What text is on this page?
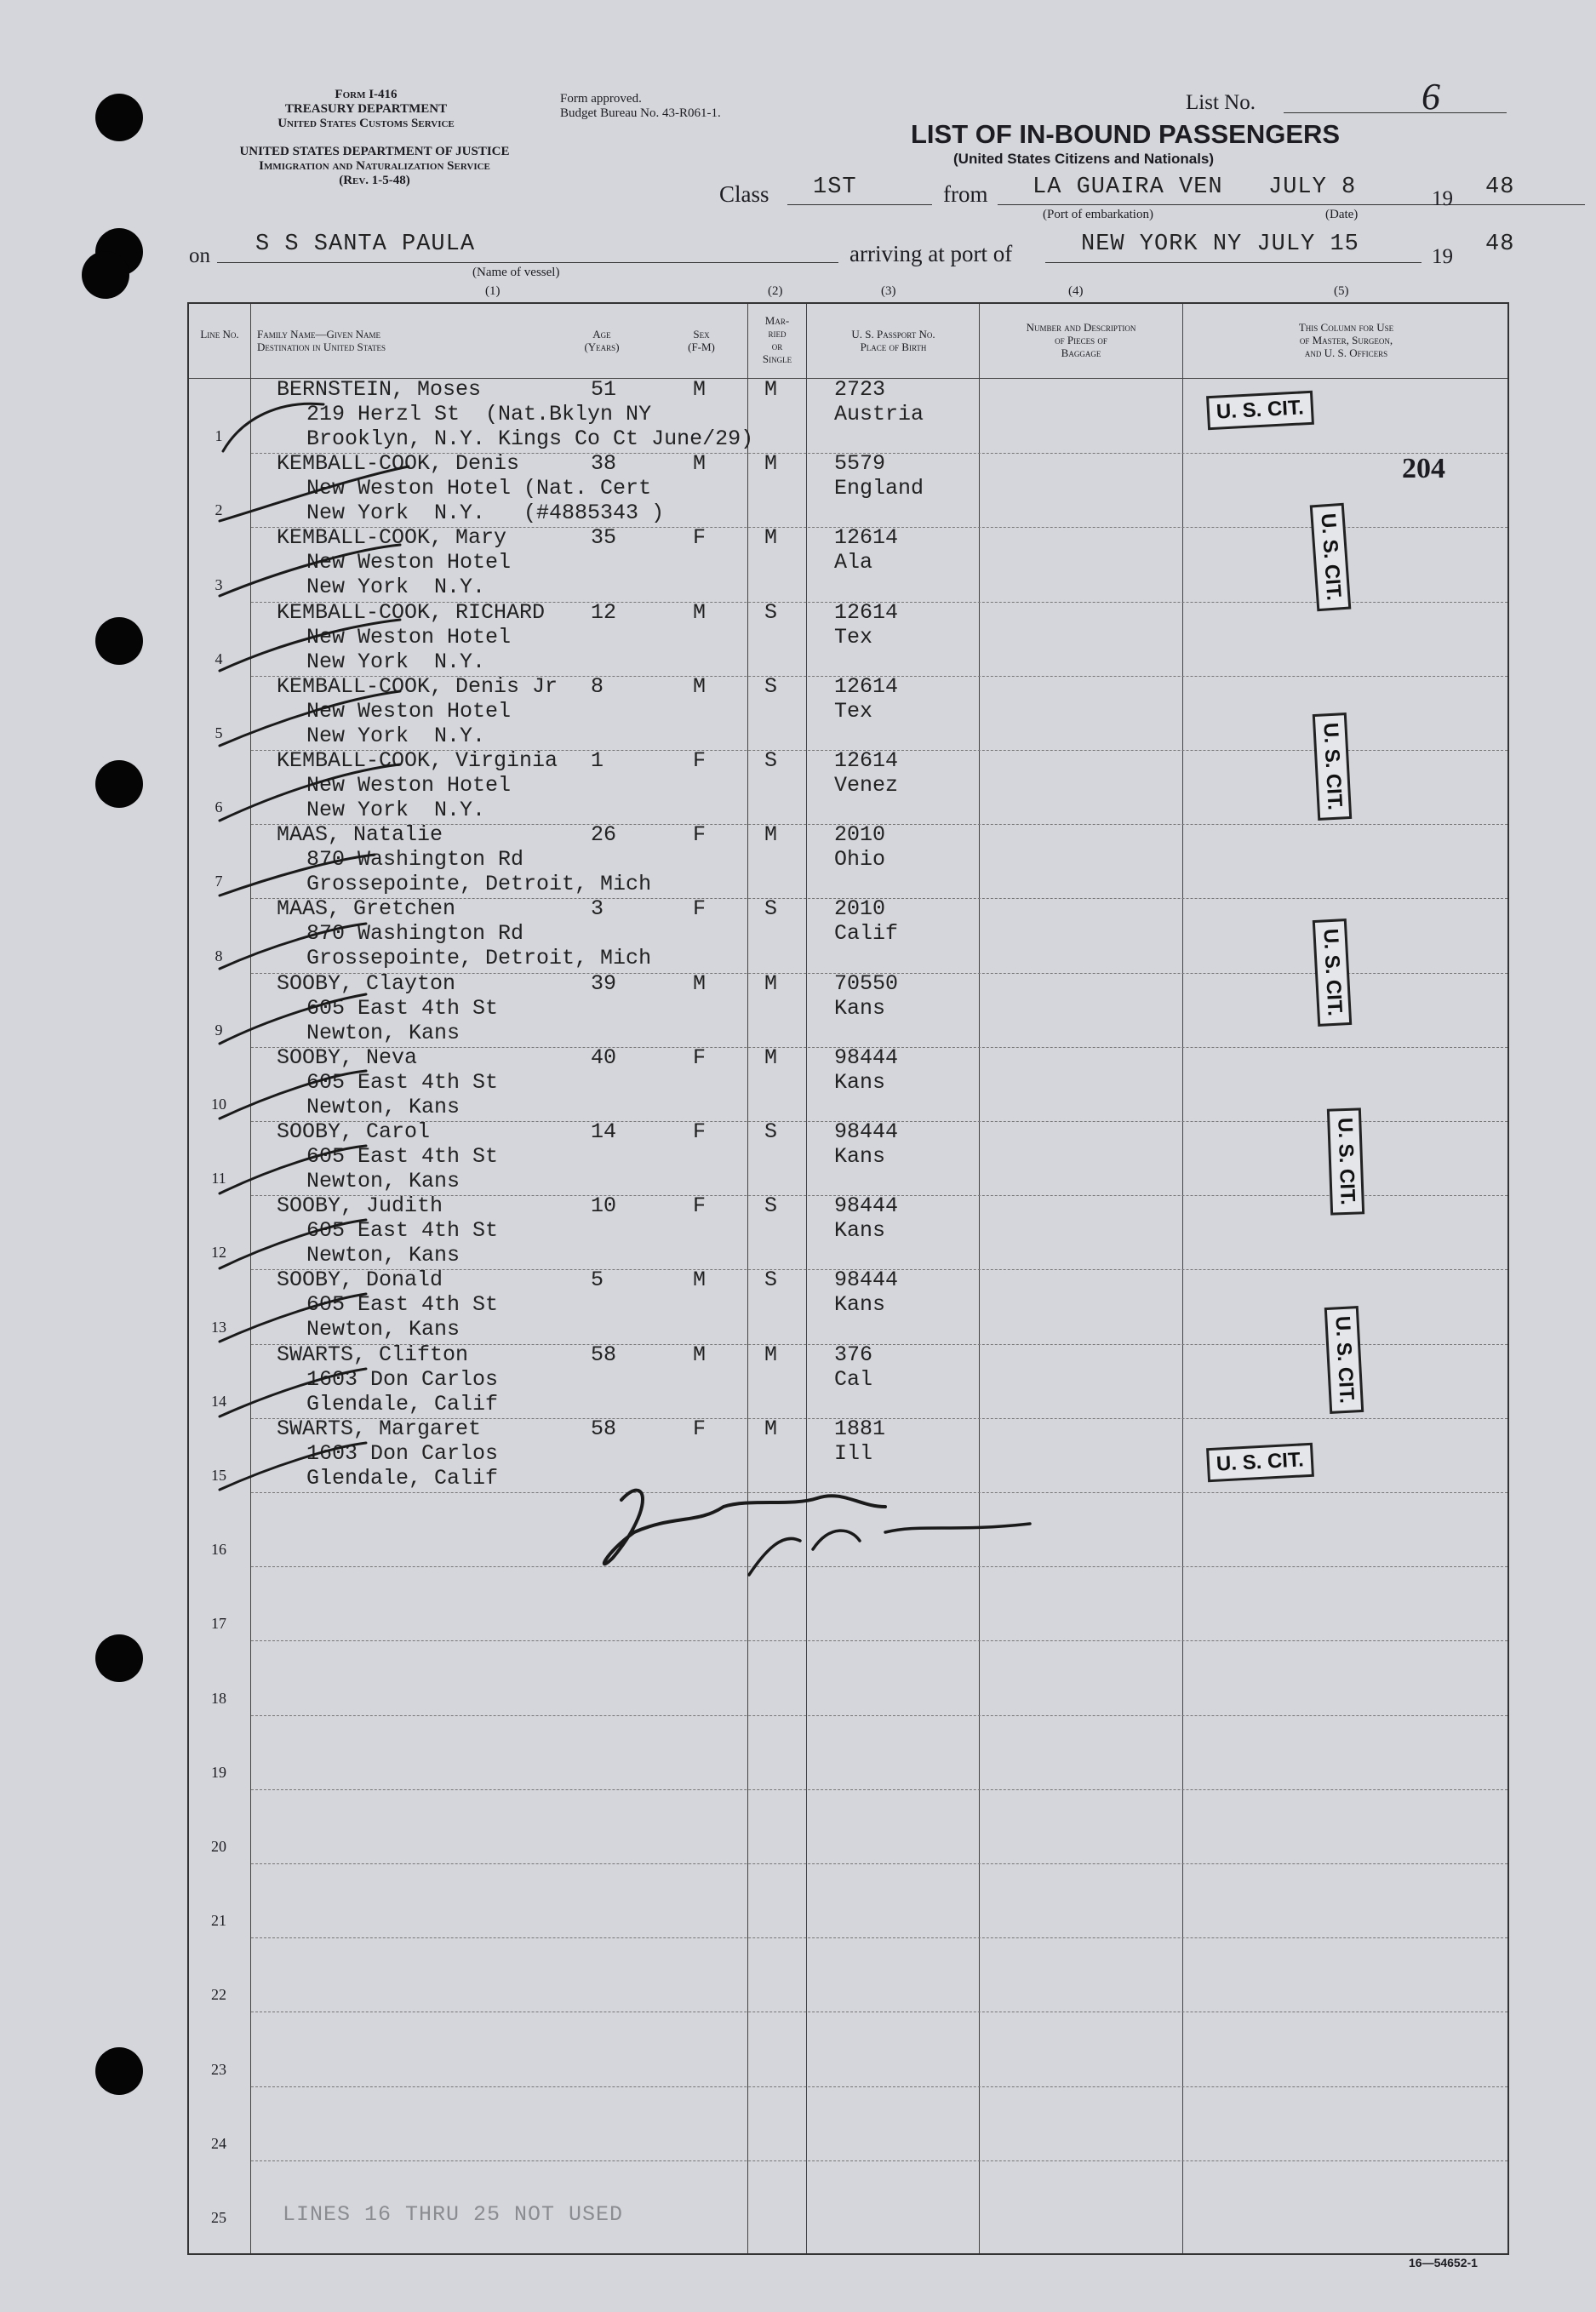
Form I-416
TREASURY DEPARTMENT
United States Customs Service
Form approved.
Budget Bureau No. 43-R061-1.
UNITED STATES DEPARTMENT OF JUSTICE
Immigration and Naturalization Service
(Rev. 1-5-48)
List No.	6
LIST OF IN-BOUND PASSENGERS
(United States Citizens and Nationals)
Class 1ST	from LA GUAIRA VEN JULY 8	19 48
(Port of embarkation)	(Date)
on S S SANTA PAULA
(Name of vessel)
arriving at port of	NEW YORK NY JULY 15	19 48
(1)	(2)	(3)	(4)	(5)
Line No.	Family Name—Given Name
Destination in United States
Age
(Years)
Sex
(F-M)
Mar-
ried
or
Single
U. S. Passport No.
Place of Birth
Number and Description
of Pieces of
Baggage
This Column for Use
of Master, Surgeon,
and U. S. Officers
1
BERNSTEIN, Moses	51	M	M	2723
219 Herzl St  (Nat.Bklyn NY	Austria
Brooklyn, N.Y. Kings Co Ct June/29)
2
KEMBALL-COOK, Denis	38	M	M	5579
New Weston Hotel (Nat. Cert	England
New York  N.Y.   (#4885343 )
3
KEMBALL-COOK, Mary	35	F	M	12614
New Weston Hotel	Ala
New York  N.Y.
4
KEMBALL-COOK, RICHARD 12	M	S	12614
New Weston Hotel	Tex
New York  N.Y.
5
KEMBALL-COOK, Denis Jr 8	M	S	12614
New Weston Hotel	Tex
New York  N.Y.
6
KEMBALL-COOK, Virginia 1	F	S	12614
New Weston Hotel	Venez
New York  N.Y.
7
MAAS, Natalie	26	F	M	2010
870 Washington Rd	Ohio
Grossepointe, Detroit, Mich
8
MAAS, Gretchen	3	F	S	2010
870 Washington Rd	Calif
Grossepointe, Detroit, Mich
9
SOOBY, Clayton	39	M	M	70550
605 East 4th St	Kans
Newton, Kans
10
SOOBY, Neva	40	F	M	98444
605 East 4th St	Kans
Newton, Kans
11
SOOBY, Carol	14	F	S	98444
605 East 4th St	Kans
Newton, Kans
12
SOOBY, Judith	10	F	S	98444
605 East 4th St	Kans
Newton, Kans
13
SOOBY, Donald	5	M	S	98444
605 East 4th St	Kans
Newton, Kans
14
SWARTS, Clifton	58	M	M	376
1603 Don Carlos	Cal
Glendale, Calif
15
SWARTS, Margaret	58	F	M	1881
1603 Don Carlos	Ill
Glendale, Calif
16
17
18
19
20
21
22
23
24
25
204
LINES 16 THRU 25 NOT USED
U. S. CIT.
U. S. CIT.
U. S. CIT.
U. S. CIT.
U. S. CIT.
U. S. CIT.
U. S. CIT.
16—54652-1
